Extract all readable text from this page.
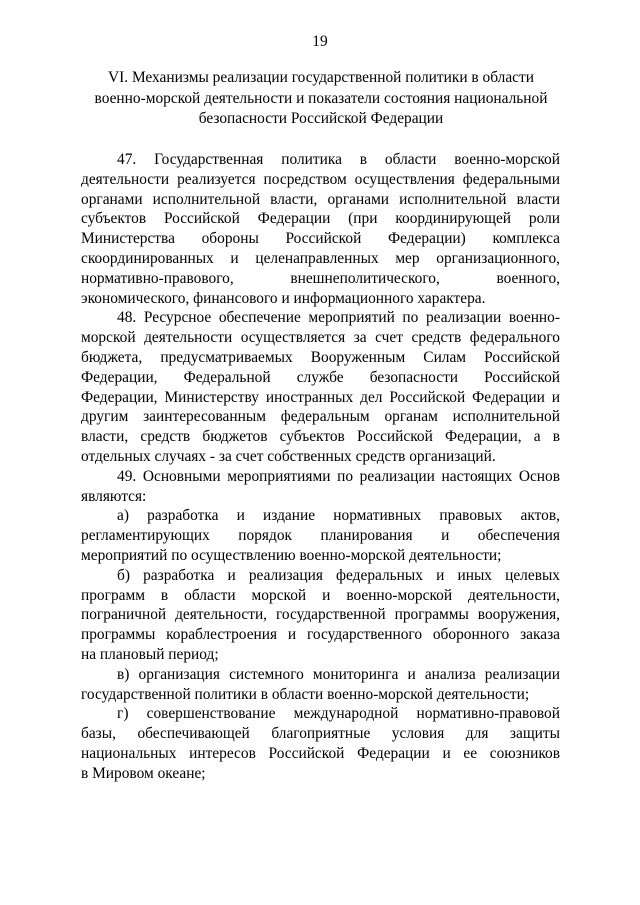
19
VI. Механизмы реализации государственной политики в области
военно-морской деятельности и показатели состояния национальной
безопасности Российской Федерации

47. Государственная политика в области военно-морской

деятельности реализуется посредством осуществления федеральными

органами исполнительной власти, органами исполнительной власти

субъектов Российской Федерации (при координирующей роли

Министерства обороны Российской Федерации) комплекса

скоординированных и целенаправленных мер организационного,

нормативно-правового, внешнеполитического, военного,

экономического, финансового и информационного характера.

48. Ресурсное обеспечение мероприятий по реализации военно-

морской деятельности осуществляется за счет средств федерального

бюджета, предусматриваемых Вооруженным Силам Российской

Федерации, Федеральной службе безопасности Российской

Федерации, Министерству иностранных дел Российской Федерации и

другим заинтересованным федеральным органам исполнительной

власти, средств бюджетов субъектов Российской Федерации, а в

отдельных случаях - за счет собственных средств организаций.

49. Основными мероприятиями по реализации настоящих Основ

являются:

а) разработка и издание нормативных правовых актов,

регламентирующих порядок планирования и обеспечения

мероприятий по осуществлению военно-морской деятельности;

б) разработка и реализация федеральных и иных целевых

программ в области морской и военно-морской деятельности,

пограничной деятельности, государственной программы вооружения,

программы кораблестроения и государственного оборонного заказа

на плановый период;

в) организация системного мониторинга и анализа реализации

государственной политики в области военно-морской деятельности;

г) совершенствование международной нормативно-правовой

базы, обеспечивающей благоприятные условия для защиты

национальных интересов Российской Федерации и ее союзников

в Мировом океане;
